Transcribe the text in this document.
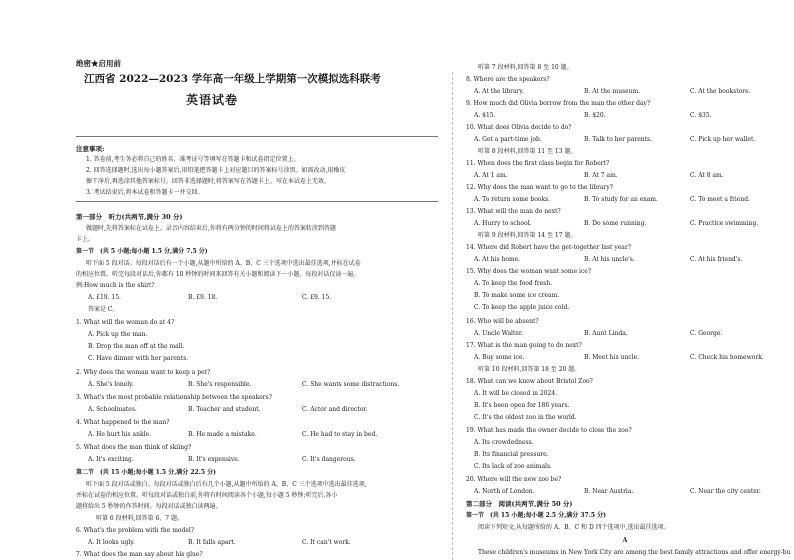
绝密★启用前
江西省 2022—2023 学年高一年级上学期第一次模拟选科联考
英语试卷
注意事项:
1. 答卷前,考生务必将自己的姓名、准考证号等填写在答题卡和试卷指定位置上。
2. 回答选择题时,选出每小题答案后,用铅笔把答题卡上对应题目的答案标号涂黑。如需改动,用橡皮
擦干净后,再选涂其他答案标号。回答非选择题时,将答案写在答题卡上。写在本试卷上无效。
3. 考试结束后,将本试卷和答题卡一并交回。
第一部分　听力(共两节,满分 30 分)
做题时,先将答案标在试卷上。录音内容结束后,你将有两分钟的时间将试卷上的答案转涂到答题
卡上。
第一节　(共 5 小题;每小题 1.5 分,满分 7.5 分)
听下面 5 段对话。每段对话后有一个小题,从题中所给的 A、B、C 三个选项中选出最佳选项,并标在试卷
的相应位置。听完每段对话后,你都有 10 秒钟的时间来回答有关小题和阅读下一小题。每段对话仅读一遍。
例:How much is the shirt?
A. £19. 15.	B. £9. 18.	C. £9. 15.
答案是 C。
1. What will the woman do at 4?
A. Pick up the man.
B. Drop the man off at the mall.
C. Have dinner with her parents.
2. Why does the woman want to keep a pet?
A. She's lonely.	B. She's responsible.	C. She wants some distractions.
3. What's the most probable relationship between the speakers?
A. Schoolmates.	B. Teacher and student.	C. Actor and director.
4. What happened to the man?
A. He hurt his ankle.	B. He made a mistake.	C. He had to stay in bed.
5. What does the man think of skiing?
A. It's exciting.	B. It's expensive.	C. It's dangerous.
第二节　(共 15 小题;每小题 1.5 分,满分 22.5 分)
听下面 5 段对话或独白。每段对话或独白后有几个小题,从题中所给的 A、B、C 三个选项中选出最佳选项,
并标在试卷的相应位置。听每段对话或独白前,你将有时间阅读各个小题,每小题 5 秒钟;听完后,各小
题将给出 5 秒钟的作答时间。每段对话或独白读两遍。
听第 6 段材料,回答第 6、7 题。
6. What's the problem with the model?
A. It looks ugly.	B. It falls apart.	C. It can't work.
7. What does the man say about his glue?
听第 7 段材料,回答第 8 至 10 题。
8. Where are the speakers?
A. At the library.	B. At the museum.	C. At the bookstore.
9. How much did Olivia borrow from the man the other day?
A. $15.	B. $20.	C. $35.
10. What does Olivia decide to do?
A. Get a part-time job.	B. Talk to her parents.	C. Pick up her wallet.
听第 8 段材料,回答第 11 至 13 题。
11. When does the first class begin for Robert?
A. At 1 am.	B. At 7 am.	C. At 8 am.
12. Why does the man want to go to the library?
A. To return some books.	B. To study for an exam.	C. To meet a friend.
13. What will the man do next?
A. Hurry to school.	B. Do some running.	C. Practice swimming.
听第 9 段材料,回答第 14 至 17 题。
14. Where did Robert have the get-together last year?
A. At his home.	B. At his uncle's.	C. At his friend's.
15. Why does the woman want some ice?
A. To keep the food fresh.
B. To make some ice cream.
C. To keep the apple juice cold.
16. Who will be absent?
A. Uncle Walter.	B. Aunt Linda.	C. George.
17. What is the man going to do next?
A. Buy some ice.	B. Meet his uncle.	C. Check his homework.
听第 10 段材料,回答第 18 至 20 题。
18. What can we know about Bristol Zoo?
A. It will be closed in 2024.
B. It's been open for 186 years.
C. It's the oldest zoo in the world.
19. What has made the owner decide to close the zoo?
A. Its crowdedness.
B. Its financial pressure.
C. Its lack of zoo animals.
20. Where will the new zoo be?
A. North of London.	B. Near Austria.	C. Near the city center.
第二部分　阅读(共两节,满分 50 分)
第一节　(共 15 小题;每小题 2.5 分,满分 37.5 分)
阅读下列短文,从每题所给的 A、B、C 和 D 四个选项中,选出最佳选项。
A
These children's museums in New York City are among the best family attractions and offer energy-bu
